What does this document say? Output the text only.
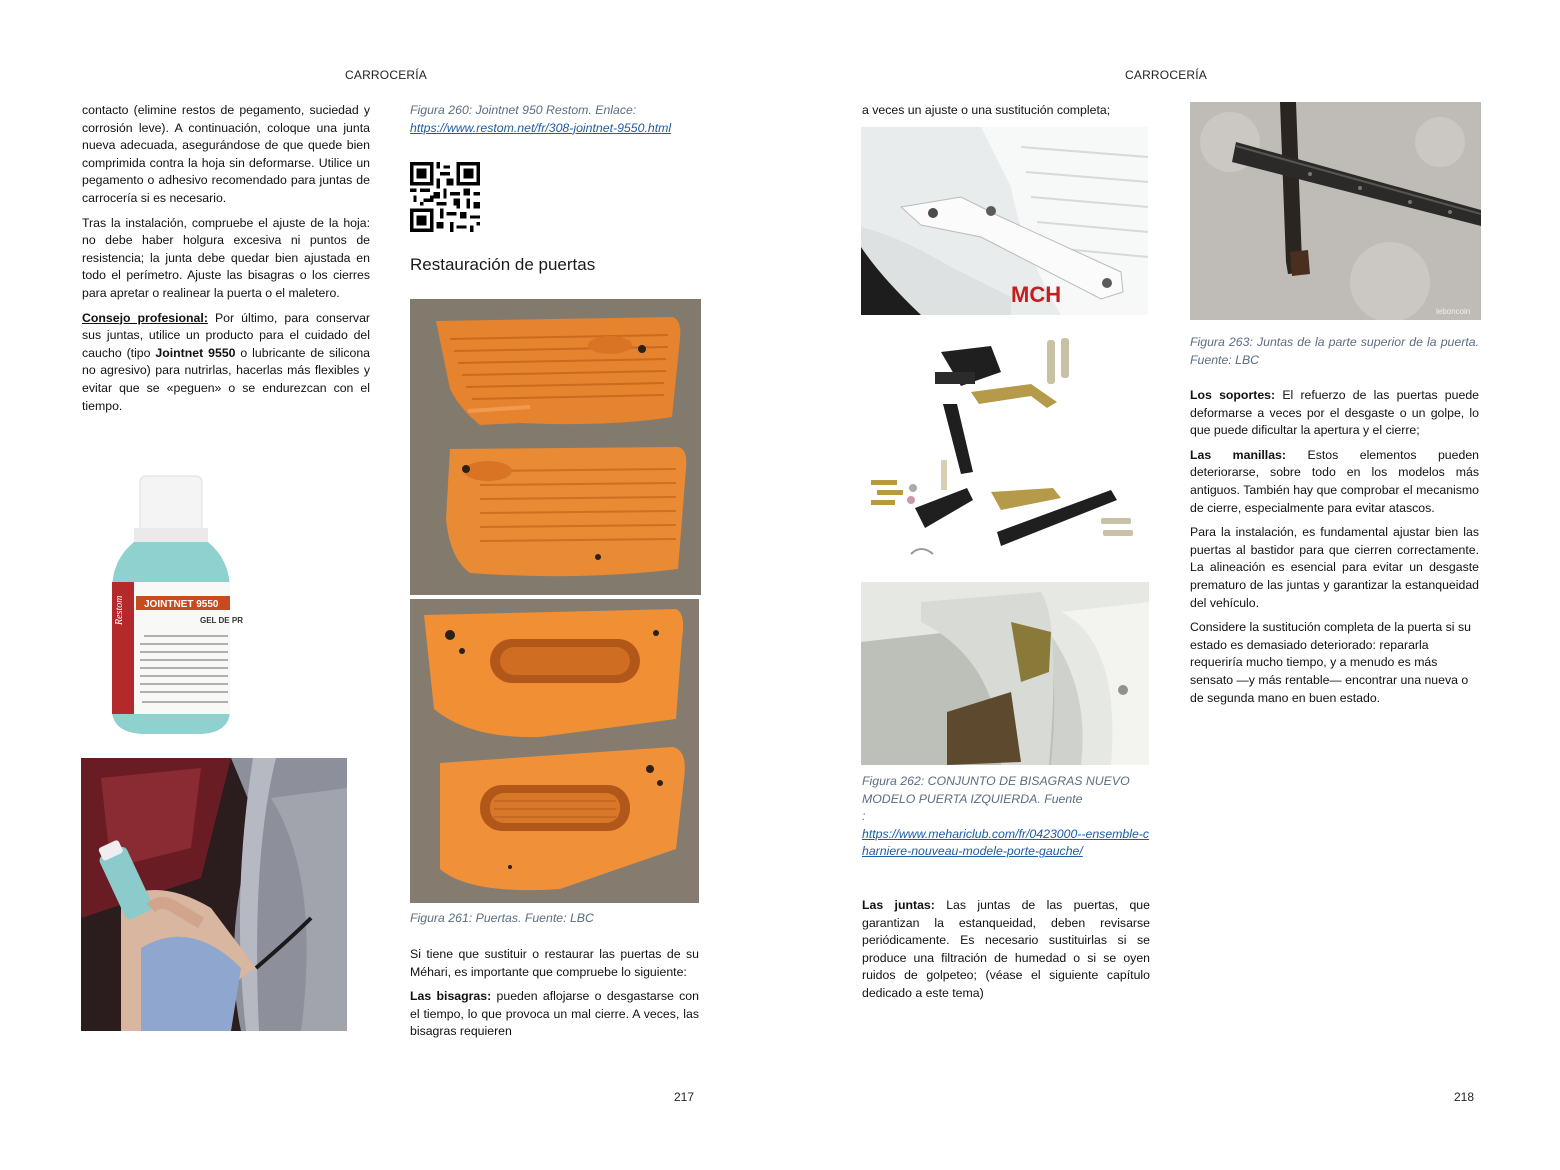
CARROCERÍA

contacto (elimine restos de pegamento, suciedad y corrosión leve). A continuación, coloque una junta nueva adecuada, asegurándose de que quede bien comprimida contra la hoja sin deformarse. Utilice un pegamento o adhesivo recomendado para juntas de carrocería si es necesario.

Tras la instalación, compruebe el ajuste de la hoja: no debe haber holgura excesiva ni puntos de resistencia; la junta debe quedar bien ajustada en todo el perímetro. Ajuste las bisagras o los cierres para apretar o realinear la puerta o el maletero.

Consejo profesional: Por último, para conservar sus juntas, utilice un producto para el cuidado del caucho (tipo Jointnet 9550 o lubricante de silicona no agresivo) para nutrirlas, hacerlas más flexibles y evitar que se «peguen» o se endurezcan con el tiempo.

Restom JOINTNET 9550
GEL DE PR
Figura 260: Jointnet 950 Restom. Enlace:
https://www.restom.net/fr/308-jointnet-9550.html
Restauración de puertas
Figura 261: Puertas. Fuente: LBC

Si tiene que sustituir o restaurar las puertas de su Méhari, es importante que compruebe lo siguiente:

Las bisagras: pueden aflojarse o desgastarse con el tiempo, lo que provoca un mal cierre. A veces, las bisagras requieren

217
CARROCERÍA
a veces un ajuste o una sustitución completa;
MCH
Figura 262: CONJUNTO DE BISAGRAS NUEVO MODELO PUERTA IZQUIERDA. Fuente
:
https://www.mehariclub.com/fr/0423000--ensemble-charniere-nouveau-modele-porte-gauche/

Las juntas: Las juntas de las puertas, que garantizan la estanqueidad, deben revisarse periódicamente. Es necesario sustituirlas si se produce una filtración de humedad o si se oyen ruidos de golpeteo; (véase el siguiente capítulo dedicado a este tema)

leboncoin
Figura 263: Juntas de la parte superior de la puerta. Fuente: LBC

Los soportes: El refuerzo de las puertas puede deformarse a veces por el desgaste o un golpe, lo que puede dificultar la apertura y el cierre;

Las manillas: Estos elementos pueden deteriorarse, sobre todo en los modelos más antiguos. También hay que comprobar el mecanismo de cierre, especialmente para evitar atascos.

Para la instalación, es fundamental ajustar bien las puertas al bastidor para que cierren correctamente. La alineación es esencial para evitar un desgaste prematuro de las juntas y garantizar la estanqueidad del vehículo.

Considere la sustitución completa de la puerta si su estado es demasiado deteriorado: repararla requeriría mucho tiempo, y a menudo es más sensato —y más rentable— encontrar una nueva o de segunda mano en buen estado.

218
